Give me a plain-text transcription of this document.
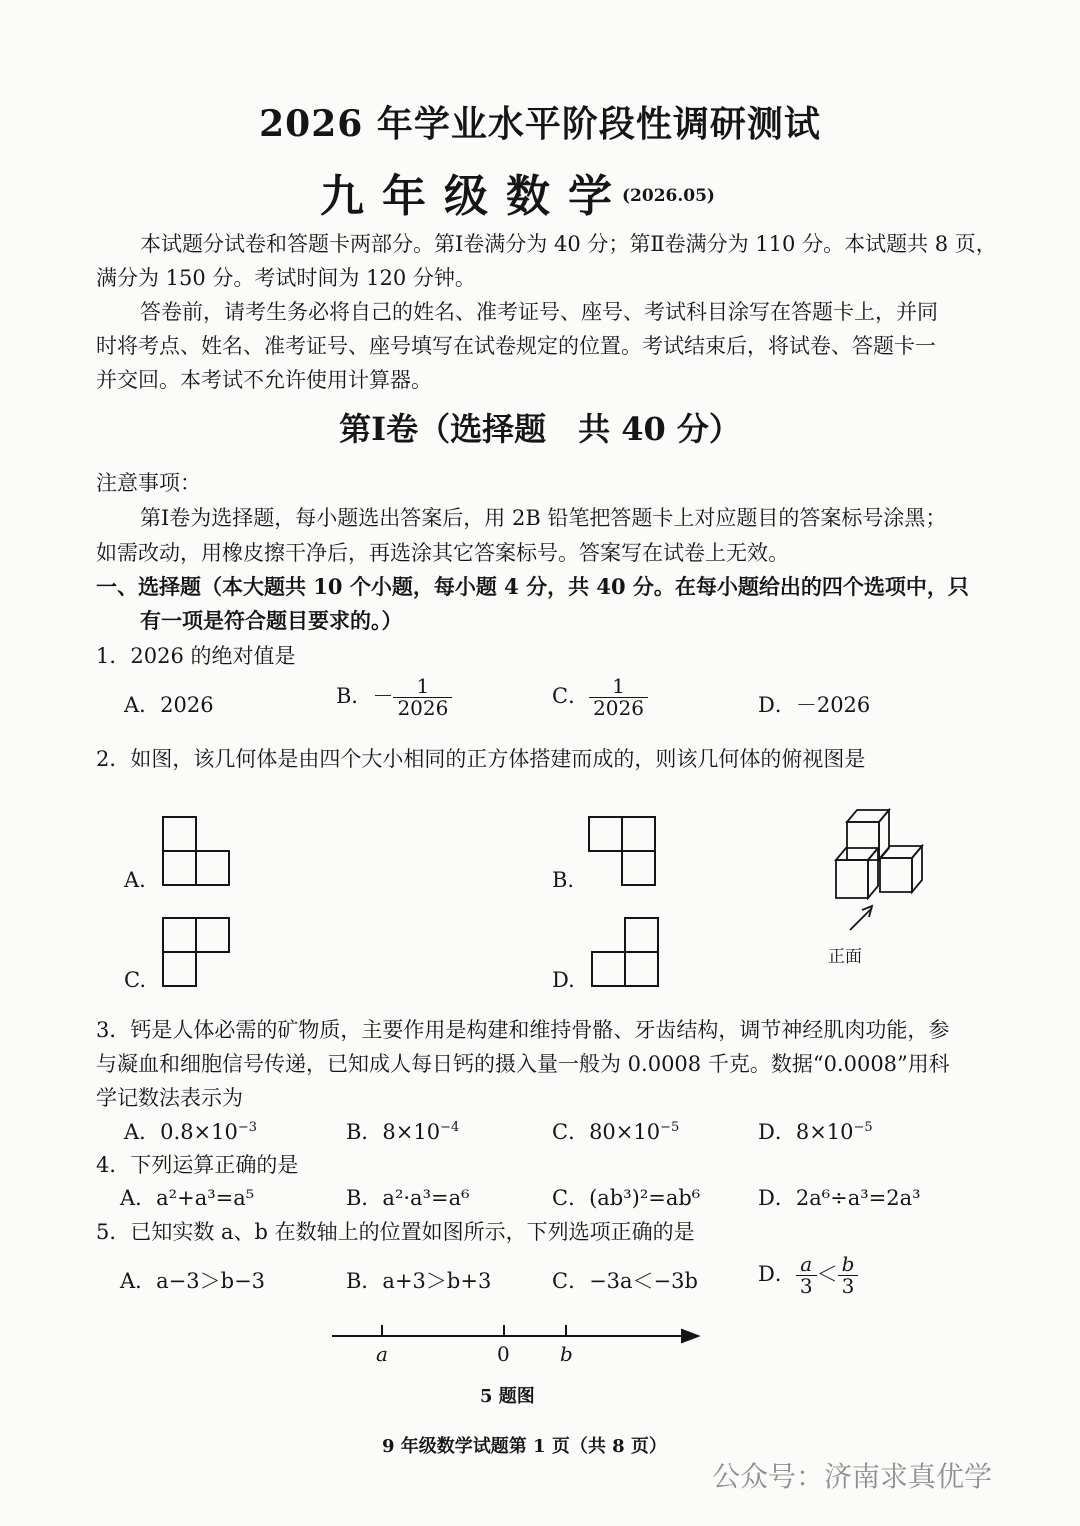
2026 年学业水平阶段性调研测试
九年级数学
(2026.05)
本试题分试卷和答题卡两部分。第Ⅰ卷满分为 40 分；第Ⅱ卷满分为 110 分。本试题共 8 页，
满分为 150 分。考试时间为 120 分钟。
答卷前，请考生务必将自己的姓名、准考证号、座号、考试科目涂写在答题卡上，并同
时将考点、姓名、准考证号、座号填写在试卷规定的位置。考试结束后，将试卷、答题卡一
并交回。本考试不允许使用计算器。
第Ⅰ卷（选择题　共 40 分）
注意事项：
第Ⅰ卷为选择题，每小题选出答案后，用 2B 铅笔把答题卡上对应题目的答案标号涂黑；
如需改动，用橡皮擦干净后，再选涂其它答案标号。答案写在试卷上无效。
一、选择题（本大题共 10 个小题，每小题 4 分，共 40 分。在每小题给出的四个选项中，只
有一项是符合题目要求的。）
1．2026 的绝对值是
A．2026	B．－ $\frac{1}{2026}$	C． $\frac{1}{2026}$	D．－2026
2．如图，该几何体是由四个大小相同的正方体搭建而成的，则该几何体的俯视图是
A.	B.
C.	D.
正面
3．钙是人体必需的矿物质，主要作用是构建和维持骨骼、牙齿结构，调节神经肌肉功能，参
与凝血和细胞信号传递，已知成人每日钙的摄入量一般为 0.0008 千克。数据“0.0008”用科
学记数法表示为
A．$0.8\times 10^{-3}$	B．$8\times 10^{-4}$	C．$80\times 10^{-5}$	D．$8\times 10^{-5}$
4．下列运算正确的是
A．a²+a³=a⁵	B．a²·a³=a⁶	C．(ab³)²=ab⁶	D．2a⁶÷a³=2a³
5．已知实数 a、b 在数轴上的位置如图所示，下列选项正确的是
A．a−3＞b−3	B．a+3＞b+3	C．−3a＜−3b	D． $\frac{a}{3} < \frac{b}{3}$
a	0	b
5 题图
9 年级数学试题第 1 页（共 8 页）
公众号：济南求真优学
